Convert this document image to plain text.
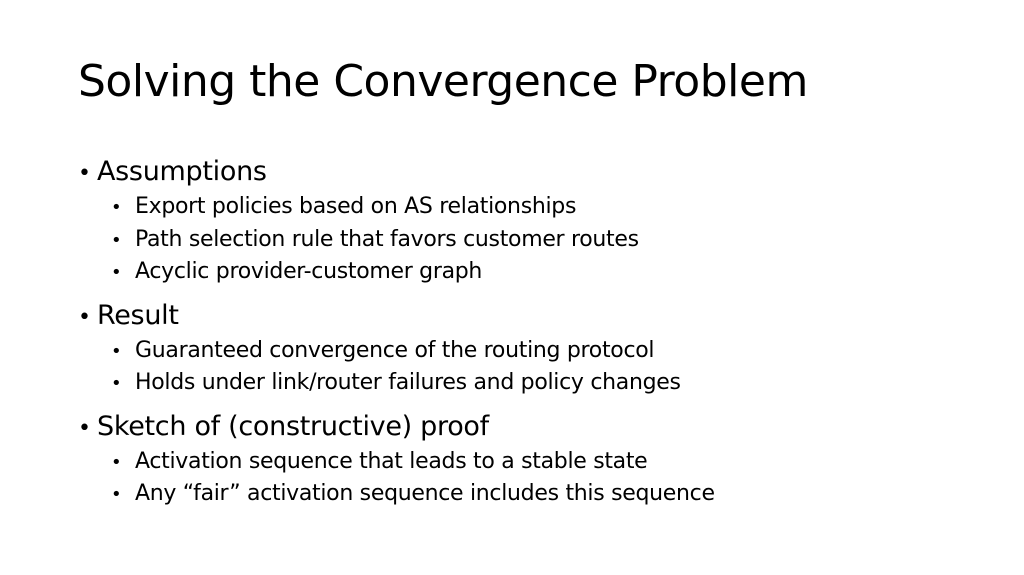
Solving the Convergence Problem
• Assumptions
• Export policies based on AS relationships
• Path selection rule that favors customer routes
• Acyclic provider-customer graph
• Result
• Guaranteed convergence of the routing protocol
• Holds under link/router failures and policy changes
• Sketch of (constructive) proof
• Activation sequence that leads to a stable state
• Any “fair” activation sequence includes this sequence
